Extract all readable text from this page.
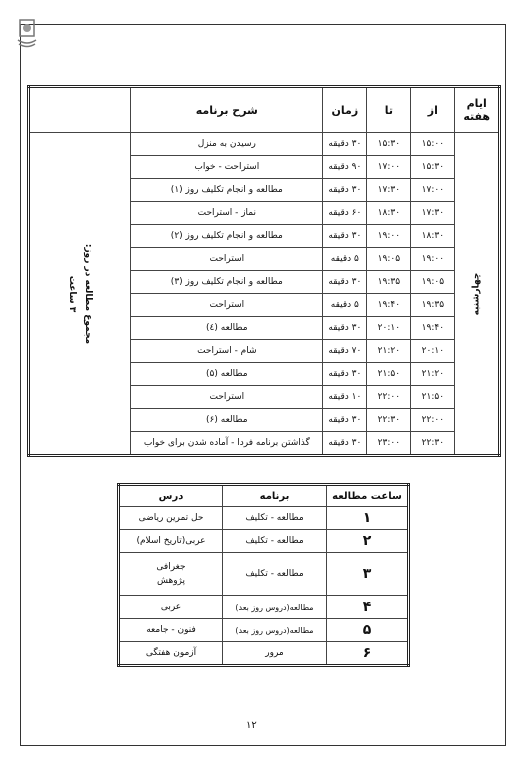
ایام هفته	از	تا	زمان	شرح برنامه	
چهارشنبه	۱۵:۰۰	۱۵:۳۰	۳۰ دقیقه	رسیدن به منزل	مجموع مطالعه در روز:
۳ ساعت

	۱۵:۳۰	۱۷:۰۰	۹۰ دقیقه	استراحت - خواب	
	۱۷:۰۰	۱۷:۳۰	۳۰ دقیقه	مطالعه و انجام تکلیف روز (۱)	
	۱۷:۳۰	۱۸:۳۰	۶۰ دقیقه	نماز - استراحت	
	۱۸:۳۰	۱۹:۰۰	۳۰ دقیقه	مطالعه و انجام تکلیف روز (۲)	
	۱۹:۰۰	۱۹:۰۵	۵ دقیقه	استراحت	
	۱۹:۰۵	۱۹:۳۵	۳۰ دقیقه	مطالعه و انجام تکلیف روز (۳)	
	۱۹:۳۵	۱۹:۴۰	۵ دقیقه	استراحت	
	۱۹:۴۰	۲۰:۱۰	۳۰ دقیقه	مطالعه (٤)	
	۲۰:۱۰	۲۱:۲۰	۷۰ دقیقه	شام - استراحت	
	۲۱:۲۰	۲۱:۵۰	۳۰ دقیقه	مطالعه (۵)	
	۲۱:۵۰	۲۲:۰۰	۱۰ دقیقه	استراحت	
	۲۲:۰۰	۲۲:۳۰	۳۰ دقیقه	مطالعه (۶)	
	۲۲:۳۰	۲۳:۰۰	۳۰ دقیقه	گذاشتن برنامه فردا - آماده شدن برای خواب	
ساعت مطالعه	برنامه	درس
۱	مطالعه - تکلیف	حل تمرین ریاضی
۲	مطالعه - تکلیف	عربی(تاریخ اسلام)
۳	مطالعه - تکلیف	جغرافی
پژوهش

۴	مطالعه(دروس روز بعد)	عربی
۵	مطالعه(دروس روز بعد)	فنون - جامعه
۶	مرور	آزمون هفتگی
۱۲
